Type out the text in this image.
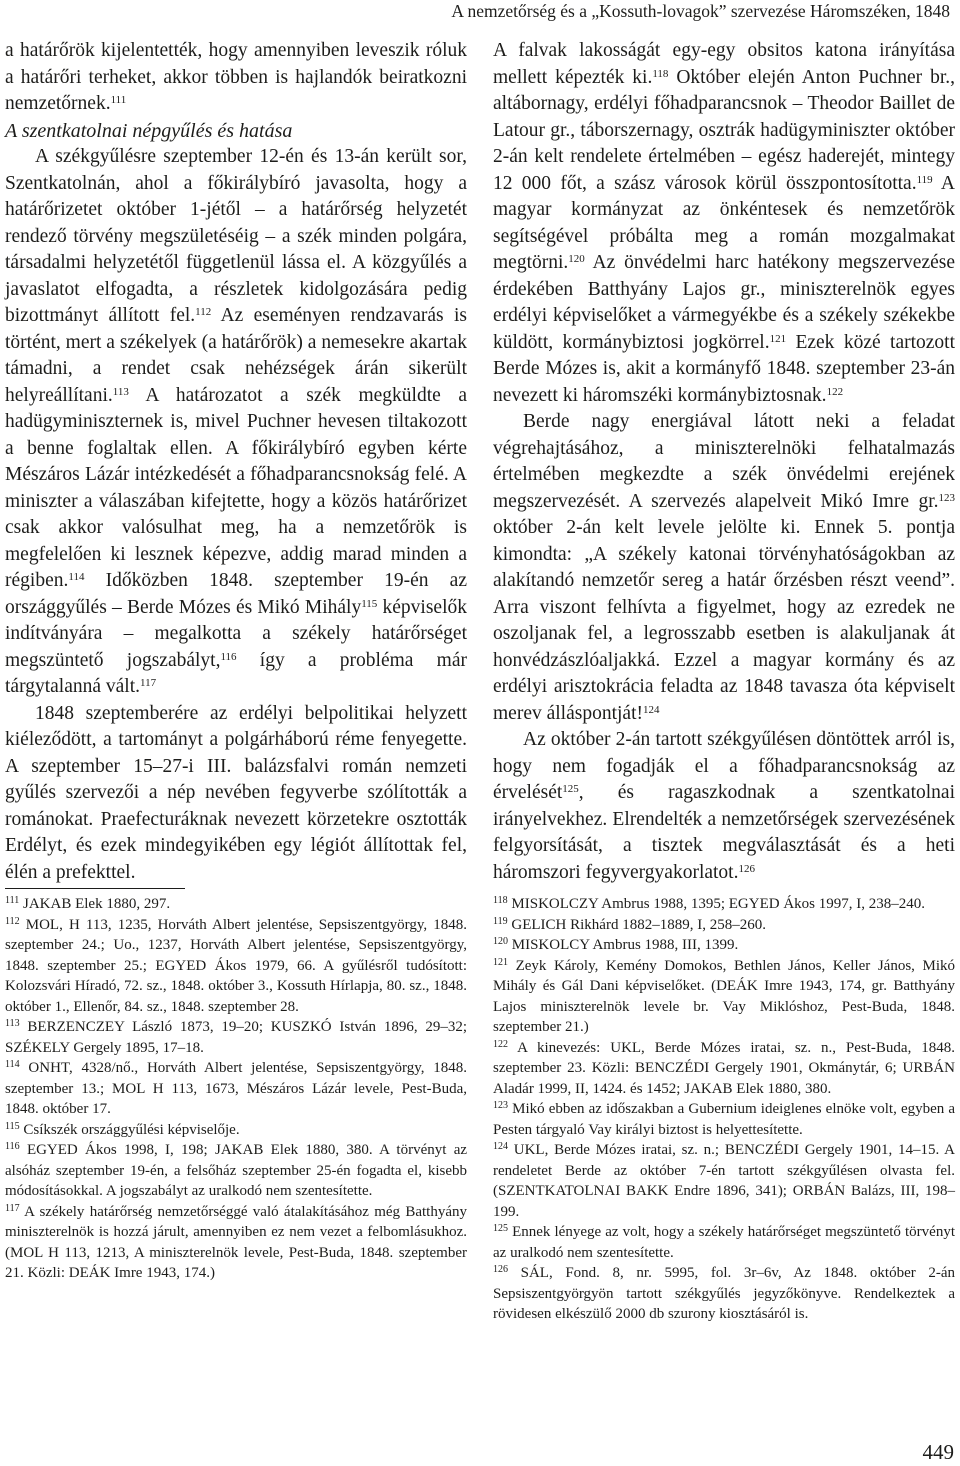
A nemzetőrség és a „Kossuth-lovagok” szervezése Háromszéken, 1848

a határőrök kijelentették, hogy amennyiben leveszik róluk a határőri terheket, akkor többen is hajlandók beiratkozni nemzetőrnek.$^{111}$

A szentkatolnai népgyűlés és hatása

A székgyűlésre szeptember 12-én és 13-án került sor, Szentkatolnán, ahol a főkirálybíró javasolta, hogy a határőrizetet október 1-jétől – a határőrség helyzetét rendező törvény megszületéséig – a szék minden polgára, társadalmi helyzetétől függetlenül lássa el. A közgyűlés a javaslatot elfogadta, a részletek kidolgozására pedig bizottmányt állított fel.$^{112}$ Az eseményen rendzavarás is történt, mert a székelyek (a határőrök) a nemesekre akartak támadni, a rendet csak nehézségek árán sikerült helyreállítani.$^{113}$ A határozatot a szék megküldte a hadügyminiszternek is, mivel Puchner hevesen tiltakozott a benne foglaltak ellen. A főkirálybíró egyben kérte Mészáros Lázár intézkedését a főhadparancsnokság felé. A miniszter a válaszában kifejtette, hogy a közös határőrizet csak akkor valósulhat meg, ha a nemzetőrök is megfelelően ki lesznek képezve, addig marad minden a régiben.$^{114}$ Időközben 1848. szeptember 19-én az országgyűlés – Berde Mózes és Mikó Mihály$^{115}$ képviselők indítványára – megalkotta a székely határőrséget megszüntető jogszabályt,$^{116}$ így a probléma már tárgytalanná vált.$^{117}$

1848 szeptemberére az erdélyi belpolitikai helyzett kiéleződött, a tartományt a polgárháború réme fenyegette. A szeptember 15–27-i III. balázsfalvi román nemzeti gyűlés szervezői a nép nevében fegyverbe szólították a románokat. Praefecturáknak nevezett körzetekre osztották Erdélyt, és ezek mindegyikében egy légiót állítottak fel, élén a prefekttel.

A falvak lakosságát egy-egy obsitos katona irányítása mellett képezték ki.$^{118}$ Október elején Anton Puchner br., altábornagy, erdélyi főhadparancsnok – Theodor Baillet de Latour gr., táborszernagy, osztrák hadügyminiszter október 2-án kelt rendelete értelmében – egész haderejét, mintegy 12 000 főt, a szász városok körül összpontosította.$^{119}$ A magyar kormányzat az önkéntesek és nemzetőrök segítségével próbálta meg a román mozgalmakat megtörni.$^{120}$ Az önvédelmi harc hatékony megszervezése érdekében Batthyány Lajos gr., miniszterelnök egyes erdélyi képviselőket a vármegyékbe és a székely székekbe küldött, kormánybiztosi jogkörrel.$^{121}$ Ezek közé tartozott Berde Mózes is, akit a kormányfő 1848. szeptember 23-án nevezett ki háromszéki kormánybiztosnak.$^{122}$

Berde nagy energiával látott neki a feladat végrehajtásához, a miniszterelnöki felhatalmazás értelmében megkezdte a szék önvédelmi erejének megszervezését. A szervezés alapelveit Mikó Imre gr.$^{123}$ október 2-án kelt levele jelölte ki. Ennek 5. pontja kimondta: „A székely katonai törvényhatóságokban az alakítandó nemzetőr sereg a határ őrzésben részt veend”. Arra viszont felhívta a figyelmet, hogy az ezredek ne oszoljanak fel, a legrosszabb esetben is alakuljanak át honvédzászlóaljakká. Ezzel a magyar kormány és az erdélyi arisztokrácia feladta az 1848 tavasza óta képviselt merev álláspontját!$^{124}$

Az október 2-án tartott székgyűlésen döntöttek arról is, hogy nem fogadják el a főhadparancsnokság az érvelését$^{125}$, és ragaszkodnak a szentkatolnai irányelvekhez. Elrendelték a nemzetőrségek szervezésének felgyorsítását, a tisztek megválasztását és a heti háromszori fegyvergyakorlatot.$^{126}$

$^{111}$ JAKAB Elek 1880, 297.
$^{112}$ MOL, H 113, 1235, Horváth Albert jelentése, Sepsiszentgyörgy, 1848. szeptember 24.; Uo., 1237, Horváth Albert jelentése, Sepsiszentgyörgy, 1848. szeptember 25.; EGYED Ákos 1979, 66. A gyűlésről tudósított: Kolozsvári Híradó, 72. sz., 1848. október 3., Kossuth Hírlapja, 80. sz., 1848. október 1., Ellenőr, 84. sz., 1848. szeptember 28.
$^{113}$ BERZENCZEY László 1873, 19–20; KUSZKÓ István 1896, 29–32; SZÉKELY Gergely 1895, 17–18.
$^{114}$ ONHT, 4328/nő., Horváth Albert jelentése, Sepsiszentgyörgy, 1848. szeptember 13.; MOL H 113, 1673, Mészáros Lázár levele, Pest-Buda, 1848. október 17.
$^{115}$ Csíkszék országgyűlési képviselője.
$^{116}$ EGYED Ákos 1998, I, 198; JAKAB Elek 1880, 380. A törvényt az alsóház szeptember 19-én, a felsőház szeptember 25-én fogadta el, kisebb módosításokkal. A jogszabályt az uralkodó nem szentesítette.
$^{117}$ A székely határőrség nemzetőrséggé való átalakításához még Batthyány miniszterelnök is hozzá járult, amennyiben ez nem vezet a felbomlásukhoz. (MOL H 113, 1213, A miniszterelnök levele, Pest-Buda, 1848. szeptember 21. Közli: DEÁK Imre 1943, 174.)
$^{118}$ MISKOLCZY Ambrus 1988, 1395; EGYED Ákos 1997, I, 238–240.
$^{119}$ GELICH Rikhárd 1882–1889, I, 258–260.
$^{120}$ MISKOLCY Ambrus 1988, III, 1399.
$^{121}$ Zeyk Károly, Kemény Domokos, Bethlen János, Keller János, Mikó Mihály és Gál Dani képviselőket. (DEÁK Imre 1943, 174, gr. Batthyány Lajos miniszterelnök levele br. Vay Miklóshoz, Pest-Buda, 1848. szeptember 21.)
$^{122}$ A kinevezés: UKL, Berde Mózes iratai, sz. n., Pest-Buda, 1848. szeptember 23. Közli: BENCZÉDI Gergely 1901, Okmánytár, 6; URBÁN Aladár 1999, II, 1424. és 1452; JAKAB Elek 1880, 380.
$^{123}$ Mikó ebben az időszakban a Gubernium ideiglenes elnöke volt, egyben a Pesten tárgyaló Vay királyi biztost is helyettesítette.
$^{124}$ UKL, Berde Mózes iratai, sz. n.; BENCZÉDI Gergely 1901, 14–15. A rendeletet Berde az október 7-én tartott székgyűlésen olvasta fel. (SZENTKATOLNAI BAKK Endre 1896, 341); ORBÁN Balázs, III, 198–199.
$^{125}$ Ennek lényege az volt, hogy a székely határőrséget megszüntető törvényt az uralkodó nem szentesítette.
$^{126}$ SÁL, Fond. 8, nr. 5995, fol. 3r–6v, Az 1848. október 2-án Sepsiszentgyörgyön tartott székgyűlés jegyzőkönyve. Rendelkeztek a rövidesen elkészülő 2000 db szurony kiosztásáról is.
449
